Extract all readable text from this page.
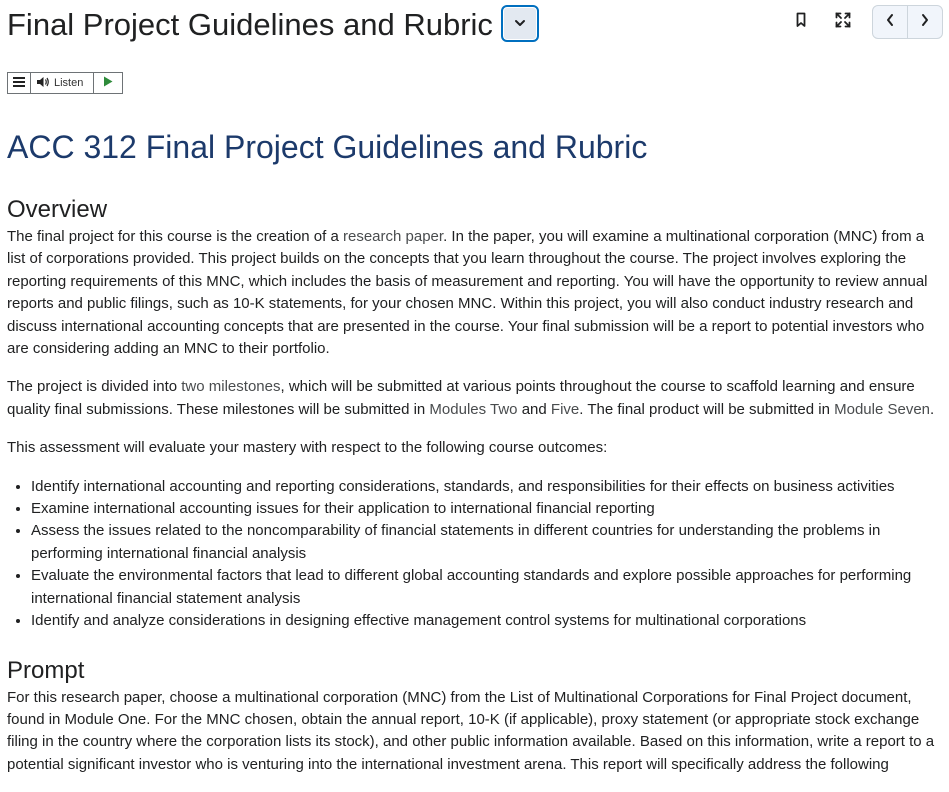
Final Project Guidelines and Rubric
Listen
ACC 312 Final Project Guidelines and Rubric
Overview

The final project for this course is the creation of a research paper. In the paper, you will examine a multinational corporation (MNC) from a list of corporations provided. This project builds on the concepts that you learn throughout the course. The project involves exploring the reporting requirements of this MNC, which includes the basis of measurement and reporting. You will have the opportunity to review annual reports and public filings, such as 10-K statements, for your chosen MNC. Within this project, you will also conduct industry research and discuss international accounting concepts that are presented in the course. Your final submission will be a report to potential investors who are considering adding an MNC to their portfolio.

The project is divided into two milestones, which will be submitted at various points throughout the course to scaffold learning and ensure quality final submissions. These milestones will be submitted in Modules Two and Five. The final product will be submitted in Module Seven.

This assessment will evaluate your mastery with respect to the following course outcomes:

• Identify international accounting and reporting considerations, standards, and responsibilities for their effects on business activities
• Examine international accounting issues for their application to international financial reporting
• Assess the issues related to the noncomparability of financial statements in different countries for understanding the problems in performing international financial analysis
• Evaluate the environmental factors that lead to different global accounting standards and explore possible approaches for performing international financial statement analysis
• Identify and analyze considerations in designing effective management control systems for multinational corporations
Prompt

For this research paper, choose a multinational corporation (MNC) from the List of Multinational Corporations for Final Project document, found in Module One. For the MNC chosen, obtain the annual report, 10-K (if applicable), proxy statement (or appropriate stock exchange filing in the country where the corporation lists its stock), and other public information available. Based on this information, write a report to a potential significant investor who is venturing into the international investment arena. This report will specifically address the following
